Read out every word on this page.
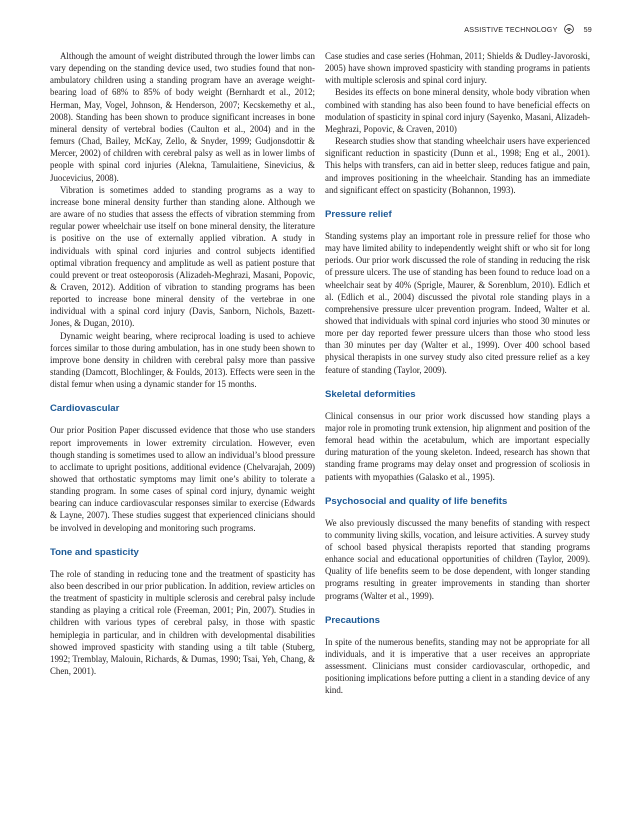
ASSISTIVE TECHNOLOGY	59

Although the amount of weight distributed through the lower limbs can vary depending on the standing device used, two studies found that non-ambulatory children using a standing program have an average weight-bearing load of 68% to 85% of body weight (Bernhardt et al., 2012; Herman, May, Vogel, Johnson, & Henderson, 2007; Kecskemethy et al., 2008). Standing has been shown to produce significant increases in bone mineral density of vertebral bodies (Caulton et al., 2004) and in the femurs (Chad, Bailey, McKay, Zello, & Snyder, 1999; Gudjonsdottir & Mercer, 2002) of children with cerebral palsy as well as in lower limbs of people with spinal cord injuries (Alekna, Tamulaitiene, Sinevicius, & Juocevicius, 2008).

Vibration is sometimes added to standing programs as a way to increase bone mineral density further than standing alone. Although we are aware of no studies that assess the effects of vibration stemming from regular power wheelchair use itself on bone mineral density, the literature is positive on the use of externally applied vibration. A study in individuals with spinal cord injuries and control subjects identified optimal vibration frequency and amplitude as well as patient posture that could prevent or treat osteoporosis (Alizadeh-Meghrazi, Masani, Popovic, & Craven, 2012). Addition of vibration to standing programs has been reported to increase bone mineral density of the vertebrae in one individual with a spinal cord injury (Davis, Sanborn, Nichols, Bazett-Jones, & Dugan, 2010).

Dynamic weight bearing, where reciprocal loading is used to achieve forces similar to those during ambulation, has in one study been shown to improve bone density in children with cerebral palsy more than passive standing (Damcott, Blochlinger, & Foulds, 2013). Effects were seen in the distal femur when using a dynamic stander for 15 months.

Cardiovascular

Our prior Position Paper discussed evidence that those who use standers report improvements in lower extremity circulation. However, even though standing is sometimes used to allow an individual’s blood pressure to acclimate to upright positions, additional evidence (Chelvarajah, 2009) showed that orthostatic symptoms may limit one’s ability to tolerate a standing program. In some cases of spinal cord injury, dynamic weight bearing can induce cardiovascular responses similar to exercise (Edwards & Layne, 2007). These studies suggest that experienced clinicians should be involved in developing and monitoring such programs.

Tone and spasticity

The role of standing in reducing tone and the treatment of spasticity has also been described in our prior publication. In addition, review articles on the treatment of spasticity in multiple sclerosis and cerebral palsy include standing as playing a critical role (Freeman, 2001; Pin, 2007). Studies in children with various types of cerebral palsy, in those with spastic hemiplegia in particular, and in children with developmental disabilities showed improved spasticity with standing using a tilt table (Stuberg, 1992; Tremblay, Malouin, Richards, & Dumas, 1990; Tsai, Yeh, Chang, & Chen, 2001).

Case studies and case series (Hohman, 2011; Shields & Dudley-Javoroski, 2005) have shown improved spasticity with standing programs in patients with multiple sclerosis and spinal cord injury.

Besides its effects on bone mineral density, whole body vibration when combined with standing has also been found to have beneficial effects on modulation of spasticity in spinal cord injury (Sayenko, Masani, Alizadeh-Meghrazi, Popovic, & Craven, 2010)

Research studies show that standing wheelchair users have experienced significant reduction in spasticity (Dunn et al., 1998; Eng et al., 2001). This helps with transfers, can aid in better sleep, reduces fatigue and pain, and improves positioning in the wheelchair. Standing has an immediate and significant effect on spasticity (Bohannon, 1993).

Pressure relief

Standing systems play an important role in pressure relief for those who may have limited ability to independently weight shift or who sit for long periods. Our prior work discussed the role of standing in reducing the risk of pressure ulcers. The use of standing has been found to reduce load on a wheelchair seat by 40% (Sprigle, Maurer, & Sorenblum, 2010). Edlich et al. (Edlich et al., 2004) discussed the pivotal role standing plays in a comprehensive pressure ulcer prevention program. Indeed, Walter et al. showed that individuals with spinal cord injuries who stood 30 minutes or more per day reported fewer pressure ulcers than those who stood less than 30 minutes per day (Walter et al., 1999). Over 400 school based physical therapists in one survey study also cited pressure relief as a key feature of standing (Taylor, 2009).

Skeletal deformities

Clinical consensus in our prior work discussed how standing plays a major role in promoting trunk extension, hip alignment and position of the femoral head within the acetabulum, which are important especially during maturation of the young skeleton. Indeed, research has shown that standing frame programs may delay onset and progression of scoliosis in patients with myopathies (Galasko et al., 1995).

Psychosocial and quality of life benefits

We also previously discussed the many benefits of standing with respect to community living skills, vocation, and leisure activities. A survey study of school based physical therapists reported that standing programs enhance social and educational opportunities of children (Taylor, 2009). Quality of life benefits seem to be dose dependent, with longer standing programs resulting in greater improvements in standing than shorter programs (Walter et al., 1999).

Precautions

In spite of the numerous benefits, standing may not be appropriate for all individuals, and it is imperative that a user receives an appropriate assessment. Clinicians must consider cardiovascular, orthopedic, and positioning implications before putting a client in a standing device of any kind.
